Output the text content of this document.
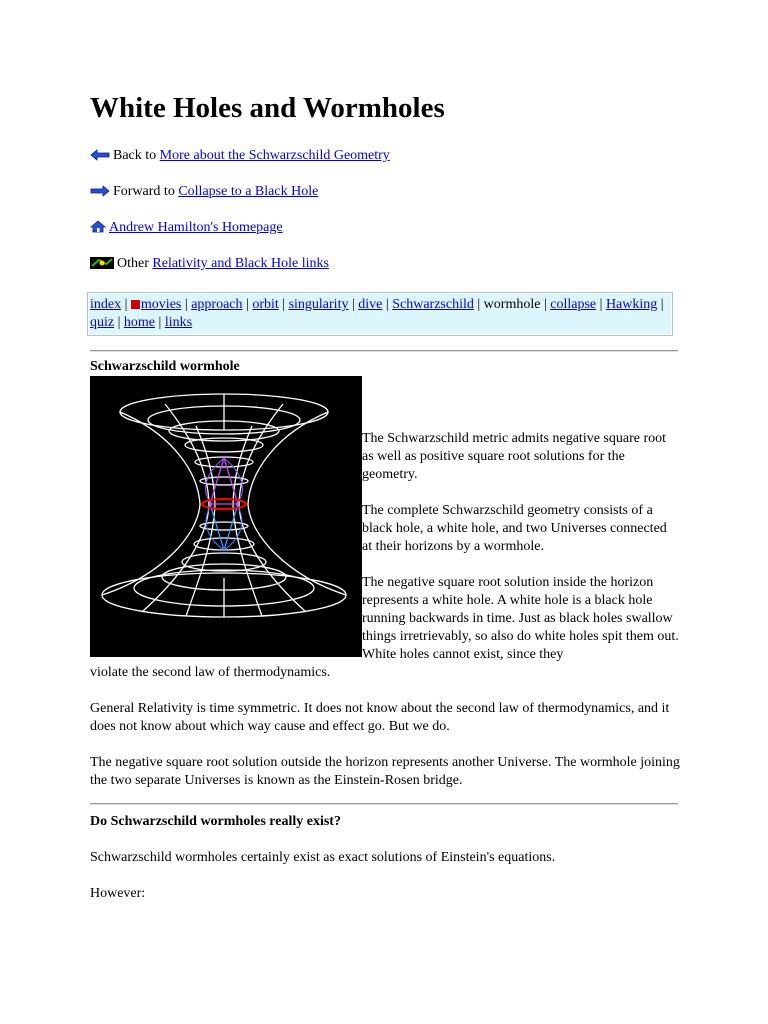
White Holes and Wormholes
Back to More about the Schwarzschild Geometry
Forward to Collapse to a Black Hole
Andrew Hamilton's Homepage
Other Relativity and Black Hole links
index | movies | approach | orbit | singularity | dive | Schwarzschild | wormhole | collapse | Hawking | quiz | home | links
Schwarzschild wormhole

The Schwarzschild metric admits negative square root as well as positive square root solutions for the geometry.

The complete Schwarzschild geometry consists of a black hole, a white hole, and two Universes connected at their horizons by a wormhole.

The negative square root solution inside the horizon represents a white hole. A white hole is a black hole running backwards in time. Just as black holes swallow things irretrievably, so also do white holes spit them out. White holes cannot exist, since they

violate the second law of thermodynamics.

General Relativity is time symmetric. It does not know about the second law of thermodynamics, and it does not know about which way cause and effect go. But we do.

The negative square root solution outside the horizon represents another Universe. The wormhole joining the two separate Universes is known as the Einstein-Rosen bridge.

Do Schwarzschild wormholes really exist?

Schwarzschild wormholes certainly exist as exact solutions of Einstein's equations.

However:
